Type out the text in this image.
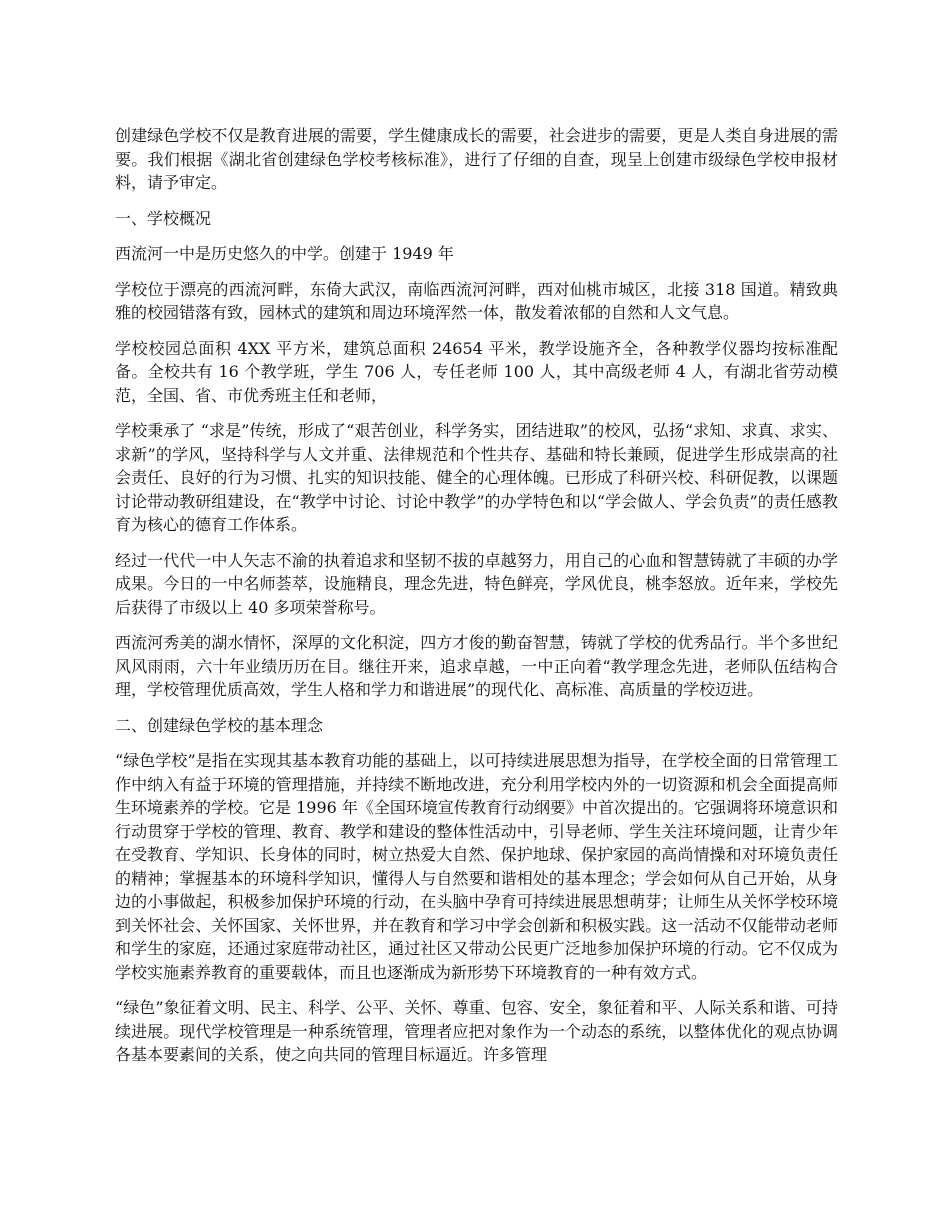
创建绿色学校不仅是教育进展的需要，学生健康成长的需要，社会进步的需要，更是人类自身进展的需要。我们根据《湖北省创建绿色学校考核标准》，进行了仔细的自查，现呈上创建市级绿色学校申报材料，请予审定。

一、学校概况

西流河一中是历史悠久的中学。创建于 1949 年

学校位于漂亮的西流河畔，东倚大武汉，南临西流河河畔，西对仙桃市城区，北接 318 国道。精致典雅的校园错落有致，园林式的建筑和周边环境浑然一体，散发着浓郁的自然和人文气息。

学校校园总面积 4XX 平方米，建筑总面积 24654 平米，教学设施齐全，各种教学仪器均按标准配备。全校共有 16 个教学班，学生 706 人，专任老师 100 人，其中高级老师 4 人，有湖北省劳动模范，全国、省、市优秀班主任和老师，

学校秉承了 “求是”传统，形成了“艰苦创业，科学务实，团结进取”的校风，弘扬“求知、求真、求实、求新”的学风，坚持科学与人文并重、法律规范和个性共存、基础和特长兼顾，促进学生形成崇高的社会责任、良好的行为习惯、扎实的知识技能、健全的心理体魄。已形成了科研兴校、科研促教，以课题讨论带动教研组建设，在“教学中讨论、讨论中教学”的办学特色和以“学会做人、学会负责”的责任感教育为核心的德育工作体系。

经过一代代一中人矢志不渝的执着追求和坚韧不拔的卓越努力，用自己的心血和智慧铸就了丰硕的办学成果。今日的一中名师荟萃，设施精良，理念先进，特色鲜亮，学风优良，桃李怒放。近年来，学校先后获得了市级以上 40 多项荣誉称号。

西流河秀美的湖水情怀，深厚的文化积淀，四方才俊的勤奋智慧，铸就了学校的优秀品行。半个多世纪风风雨雨，六十年业绩历历在目。继往开来，追求卓越，一中正向着“教学理念先进，老师队伍结构合理，学校管理优质高效，学生人格和学力和谐进展”的现代化、高标准、高质量的学校迈进。

二、创建绿色学校的基本理念

“绿色学校”是指在实现其基本教育功能的基础上，以可持续进展思想为指导，在学校全面的日常管理工作中纳入有益于环境的管理措施，并持续不断地改进，充分利用学校内外的一切资源和机会全面提高师生环境素养的学校。它是 1996 年《全国环境宣传教育行动纲要》中首次提出的。它强调将环境意识和行动贯穿于学校的管理、教育、教学和建设的整体性活动中，引导老师、学生关注环境问题，让青少年在受教育、学知识、长身体的同时，树立热爱大自然、保护地球、保护家园的高尚情操和对环境负责任的精神；掌握基本的环境科学知识，懂得人与自然要和谐相处的基本理念；学会如何从自己开始，从身边的小事做起，积极参加保护环境的行动，在头脑中孕育可持续进展思想萌芽；让师生从关怀学校环境到关怀社会、关怀国家、关怀世界，并在教育和学习中学会创新和积极实践。这一活动不仅能带动老师和学生的家庭，还通过家庭带动社区，通过社区又带动公民更广泛地参加保护环境的行动。它不仅成为学校实施素养教育的重要载体，而且也逐渐成为新形势下环境教育的一种有效方式。

“绿色”象征着文明、民主、科学、公平、关怀、尊重、包容、安全，象征着和平、人际关系和谐、可持续进展。现代学校管理是一种系统管理，管理者应把对象作为一个动态的系统，以整体优化的观点协调各基本要素间的关系，使之向共同的管理目标逼近。许多管理
